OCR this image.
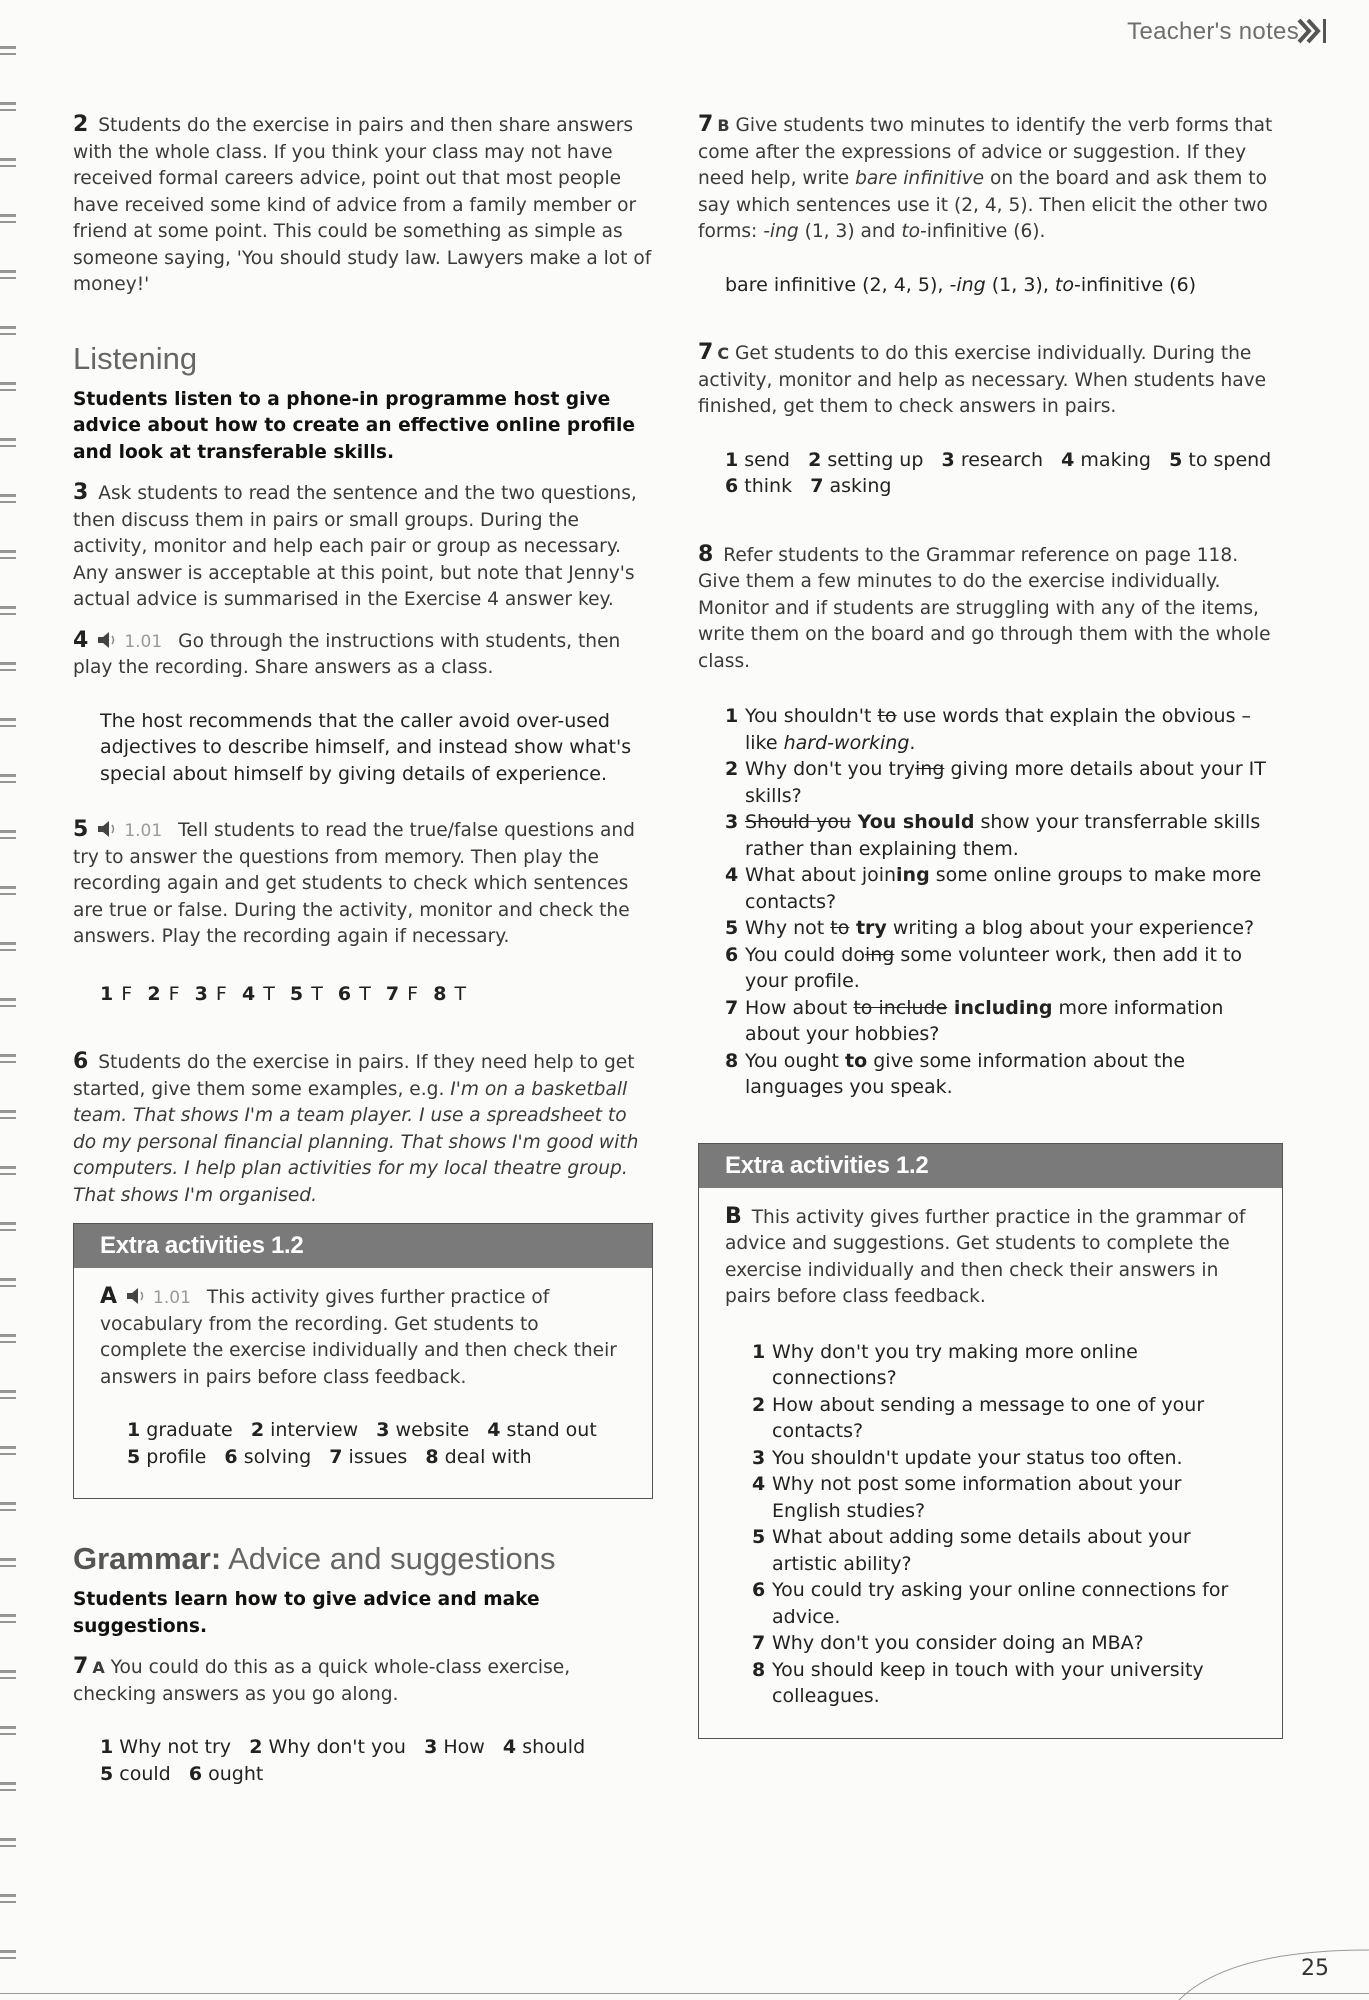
Teacher's notes

2 Students do the exercise in pairs and then share answers with the whole class. If you think your class may not have received formal careers advice, point out that most people have received some kind of advice from a family member or friend at some point. This could be something as simple as someone saying, 'You should study law. Lawyers make a lot of money!'

Listening

Students listen to a phone-in programme host give advice about how to create an effective online profile and look at transferable skills.

3 Ask students to read the sentence and the two questions, then discuss them in pairs or small groups. During the activity, monitor and help each pair or group as necessary. Any answer is acceptable at this point, but note that Jenny's actual advice is summarised in the Exercise 4 answer key.

4 1.01 Go through the instructions with students, then play the recording. Share answers as a class.

The host recommends that the caller avoid over-used adjectives to describe himself, and instead show what's special about himself by giving details of experience.

5 1.01 Tell students to read the true/false questions and try to answer the questions from memory. Then play the recording again and get students to check which sentences are true or false. During the activity, monitor and check the answers. Play the recording again if necessary.

1 F 2 F 3 F 4 T 5 T 6 T 7 F 8 T

6 Students do the exercise in pairs. If they need help to get started, give them some examples, e.g. I'm on a basketball team. That shows I'm a team player. I use a spreadsheet to do my personal financial planning. That shows I'm good with computers. I help plan activities for my local theatre group. That shows I'm organised.

Extra activities 1.2

A 1.01 This activity gives further practice of vocabulary from the recording. Get students to complete the exercise individually and then check their answers in pairs before class feedback.

1 graduate 2 interview 3 website 4 stand out
5 profile 6 solving 7 issues 8 deal with

Grammar: Advice and suggestions

Students learn how to give advice and make suggestions.

7 A You could do this as a quick whole-class exercise, checking answers as you go along.

1 Why not try 2 Why don't you 3 How 4 should
5 could 6 ought

7 B Give students two minutes to identify the verb forms that come after the expressions of advice or suggestion. If they need help, write bare infinitive on the board and ask them to say which sentences use it (2, 4, 5). Then elicit the other two forms: -ing (1, 3) and to-infinitive (6).

bare infinitive (2, 4, 5), -ing (1, 3), to-infinitive (6)

7 C Get students to do this exercise individually. During the activity, monitor and help as necessary. When students have finished, get them to check answers in pairs.

1 send 2 setting up 3 research 4 making 5 to spend
6 think 7 asking

8 Refer students to the Grammar reference on page 118. Give them a few minutes to do the exercise individually. Monitor and if students are struggling with any of the items, write them on the board and go through them with the whole class.

1 You shouldn't to use words that explain the obvious – like hard-working.
2 Why don't you trying giving more details about your IT skills?
3 Should you You should show your transferrable skills rather than explaining them.
4 What about joining some online groups to make more contacts?
5 Why not to try writing a blog about your experience?
6 You could doing some volunteer work, then add it to your profile.
7 How about to include including more information about your hobbies?
8 You ought to give some information about the languages you speak.
Extra activities 1.2

B This activity gives further practice in the grammar of advice and suggestions. Get students to complete the exercise individually and then check their answers in pairs before class feedback.

1 Why don't you try making more online connections?
2 How about sending a message to one of your contacts?
3 You shouldn't update your status too often.
4 Why not post some information about your English studies?
5 What about adding some details about your artistic ability?
6 You could try asking your online connections for advice.
7 Why don't you consider doing an MBA?
8 You should keep in touch with your university colleagues.
25
